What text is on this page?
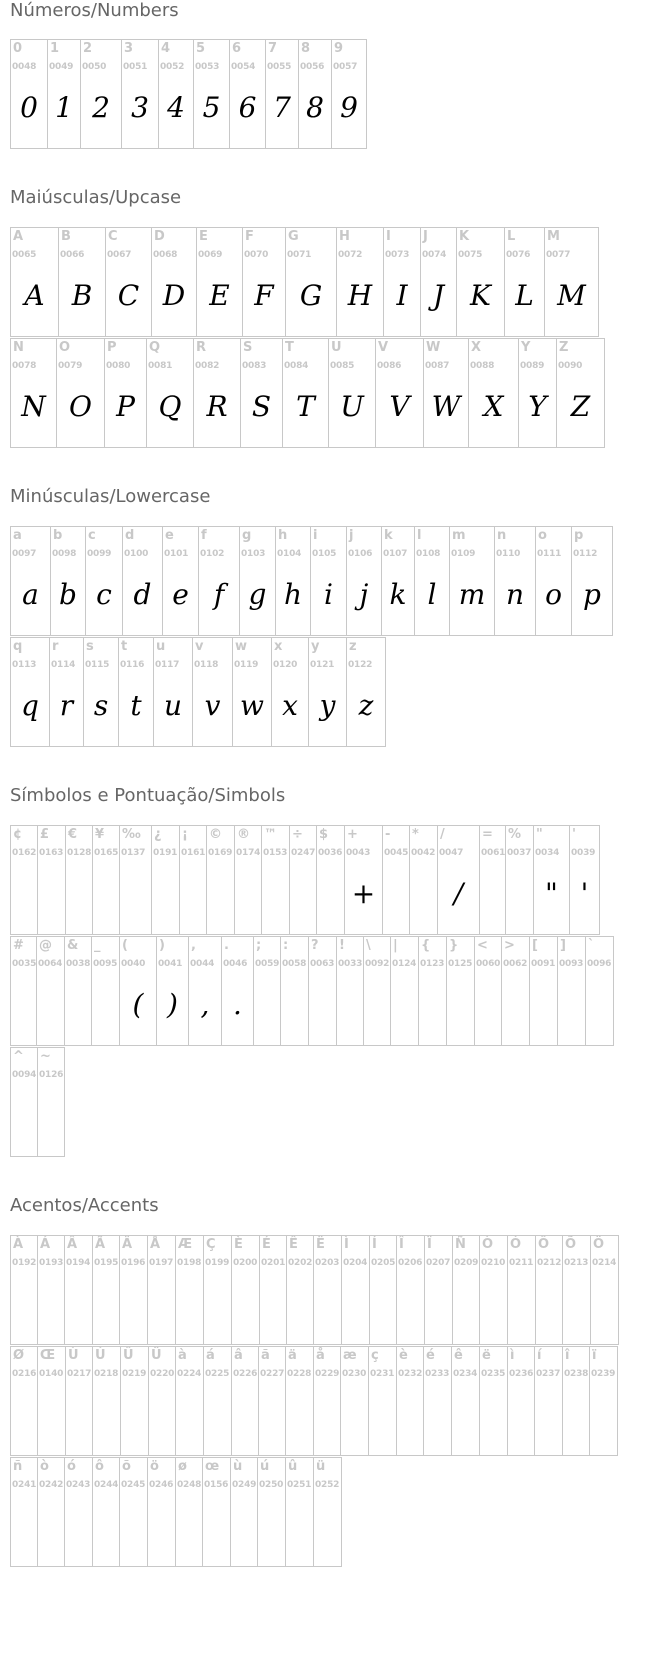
Números/Numbers
0
0048
0
1
0049
1
2
0050
2
3
0051
3
4
0052
4
5
0053
5
6
0054
6
7
0055
7
8
0056
8
9
0057
9
Maiúsculas/Upcase
A
0065
A
B
0066
B
C
0067
C
D
0068
D
E
0069
E
F
0070
F
G
0071
G
H
0072
H
I
0073
I
J
0074
J
K
0075
K
L
0076
L
M
0077
M
N
0078
N
O
0079
O
P
0080
P
Q
0081
Q
R
0082
R
S
0083
S
T
0084
T
U
0085
U
V
0086
V
W
0087
W
X
0088
X
Y
0089
Y
Z
0090
Z
Minúsculas/Lowercase
a
0097
a
b
0098
b
c
0099
c
d
0100
d
e
0101
e
f
0102
f
g
0103
g
h
0104
h
i
0105
i
j
0106
j
k
0107
k
l
0108
l
m
0109
m
n
0110
n
o
0111
o
p
0112
p
q
0113
q
r
0114
r
s
0115
s
t
0116
t
u
0117
u
v
0118
v
w
0119
w
x
0120
x
y
0121
y
z
0122
z
Símbolos e Pontuação/Simbols
¢
0162
£
0163
€
0128
¥
0165
‰
0137
¿
0191
¡
0161
©
0169
®
0174
™
0153
÷
0247
$
0036
+
0043
+
-
0045
*
0042
/
0047
/
=
0061
%
0037
"
0034
"
'
0039
'
#
0035
@
0064
&
0038
_
0095
(
0040
(
)
0041
)
,
0044
,
.
0046
.
;
0059
:
0058
?
0063
!
0033
\
0092
|
0124
{
0123
}
0125
<
0060
>
0062
[
0091
]
0093
`
0096
^
0094
~
0126
Acentos/Accents
À
0192
Á
0193
Â
0194
Ã
0195
Ä
0196
Å
0197
Æ
0198
Ç
0199
È
0200
É
0201
Ê
0202
Ë
0203
Ì
0204
Í
0205
Î
0206
Ï
0207
Ñ
0209
Ò
0210
Ó
0211
Ô
0212
Õ
0213
Ö
0214
Ø
0216
Œ
0140
Ù
0217
Ú
0218
Û
0219
Ü
0220
à
0224
á
0225
â
0226
ã
0227
ä
0228
å
0229
æ
0230
ç
0231
è
0232
é
0233
ê
0234
ë
0235
ì
0236
í
0237
î
0238
ï
0239
ñ
0241
ò
0242
ó
0243
ô
0244
õ
0245
ö
0246
ø
0248
œ
0156
ù
0249
ú
0250
û
0251
ü
0252
